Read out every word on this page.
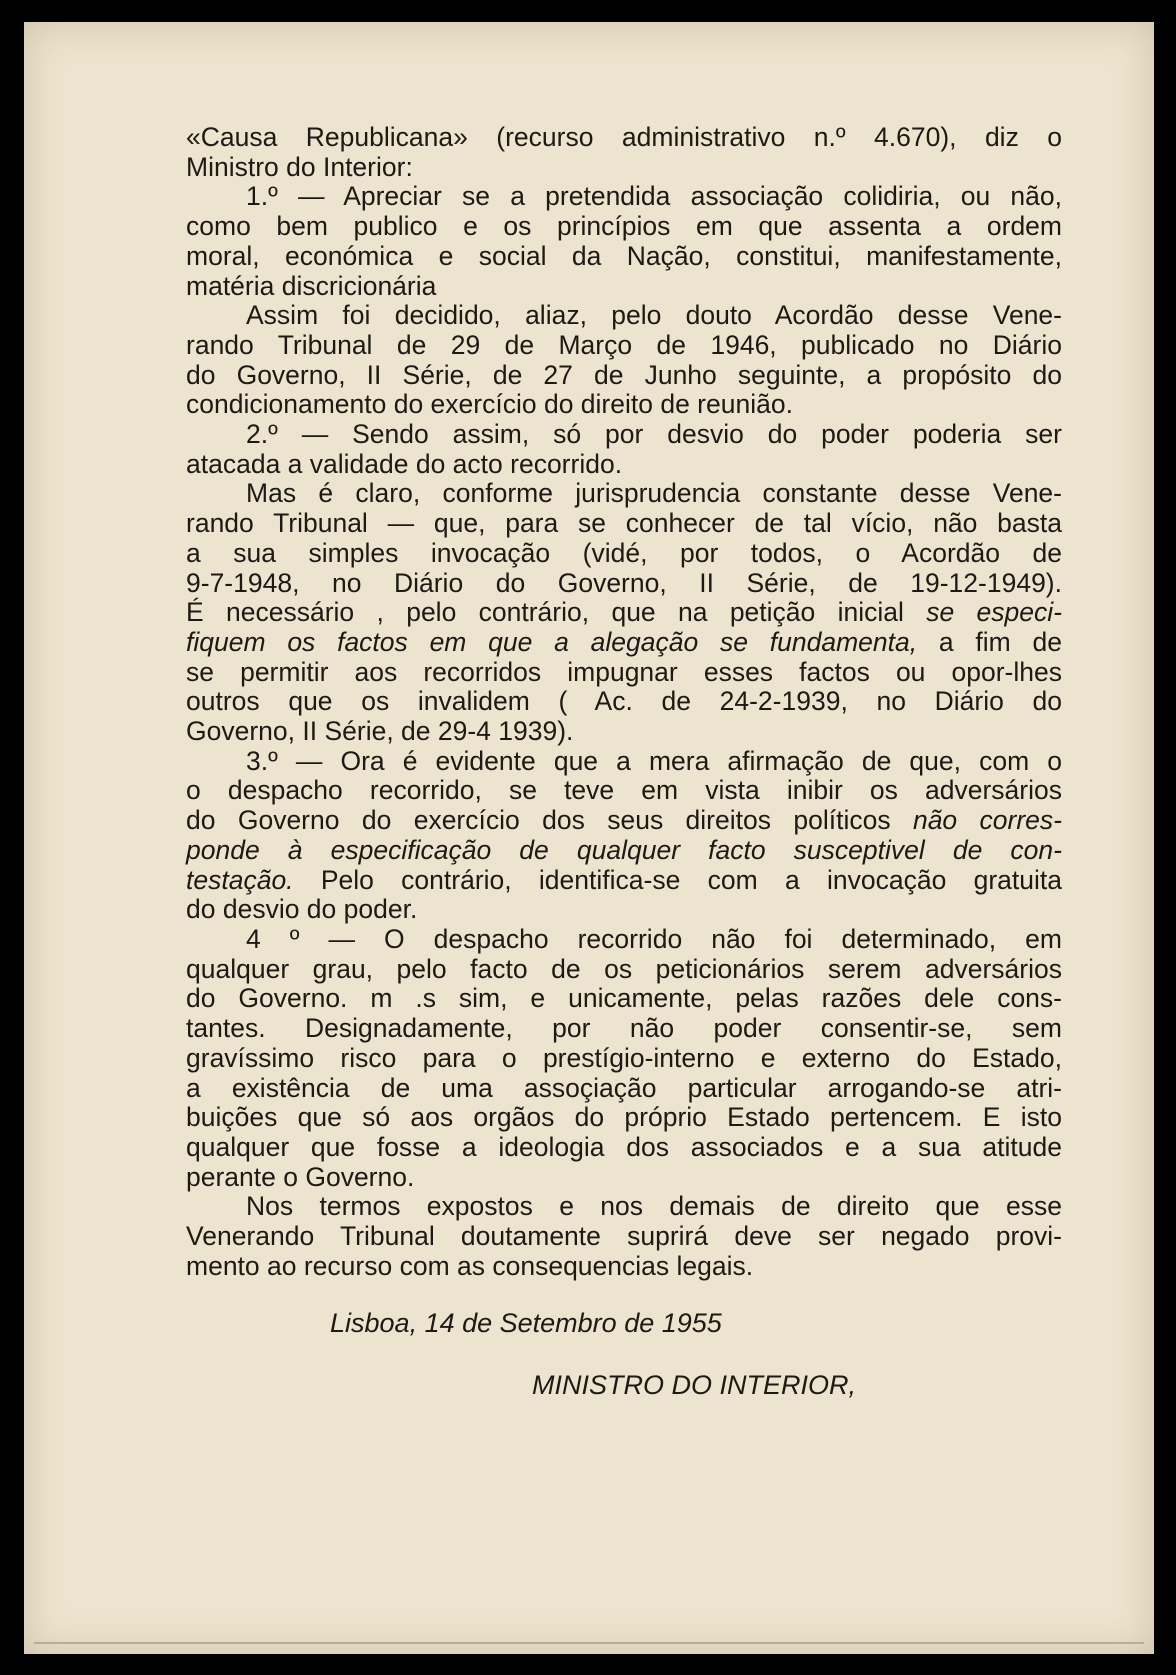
«Causa Republicana» (recurso administrativo n.º 4.670), diz o
Ministro do Interior:
1.º — Apreciar se a pretendida associação colidiria, ou não,
como bem publico e os princípios em que assenta a ordem
moral, económica e social da Nação, constitui, manifestamente,
matéria discricionária
Assim foi decidido, aliaz, pelo douto Acordão desse Vene-
rando Tribunal de 29 de Março de 1946, publicado no Diário
do Governo, II Série, de 27 de Junho seguinte, a propósito do
condicionamento do exercício do direito de reunião.
2.º — Sendo assim, só por desvio do poder poderia ser
atacada a validade do acto recorrido.
Mas é claro, conforme jurisprudencia constante desse Vene-
rando Tribunal — que, para se conhecer de tal vício, não basta
a sua simples invocação (vidé, por todos, o Acordão de
9-7-1948, no Diário do Governo, II Série, de 19-12-1949).
É necessário , pelo contrário, que na petição inicial se especi-
fiquem os factos em que a alegação se fundamenta, a fim de
se permitir aos recorridos impugnar esses factos ou opor-lhes
outros que os invalidem ( Ac. de 24-2-1939, no Diário do
Governo, II Série, de 29-4 1939).
3.º — Ora é evidente que a mera afirmação de que, com o
o despacho recorrido, se teve em vista inibir os adversários
do Governo do exercício dos seus direitos políticos não corres-
ponde à especificação de qualquer facto susceptivel de con-
testação. Pelo contrário, identifica-se com a invocação gratuita
do desvio do poder.
4 º — O despacho recorrido não foi determinado, em
qualquer grau, pelo facto de os peticionários serem adversários
do Governo. m .s sim, e unicamente, pelas razões dele cons-
tantes. Designadamente, por não poder consentir-se, sem
gravíssimo risco para o prestígio-interno e externo do Estado,
a existência de uma assoçiação particular arrogando-se atri-
buições que só aos orgãos do próprio Estado pertencem. E isto
qualquer que fosse a ideologia dos associados e a sua atitude
perante o Governo.
Nos termos expostos e nos demais de direito que esse
Venerando Tribunal doutamente suprirá deve ser negado provi-
mento ao recurso com as consequencias legais.
Lisboa, 14 de Setembro de 1955
MINISTRO DO INTERIOR,
